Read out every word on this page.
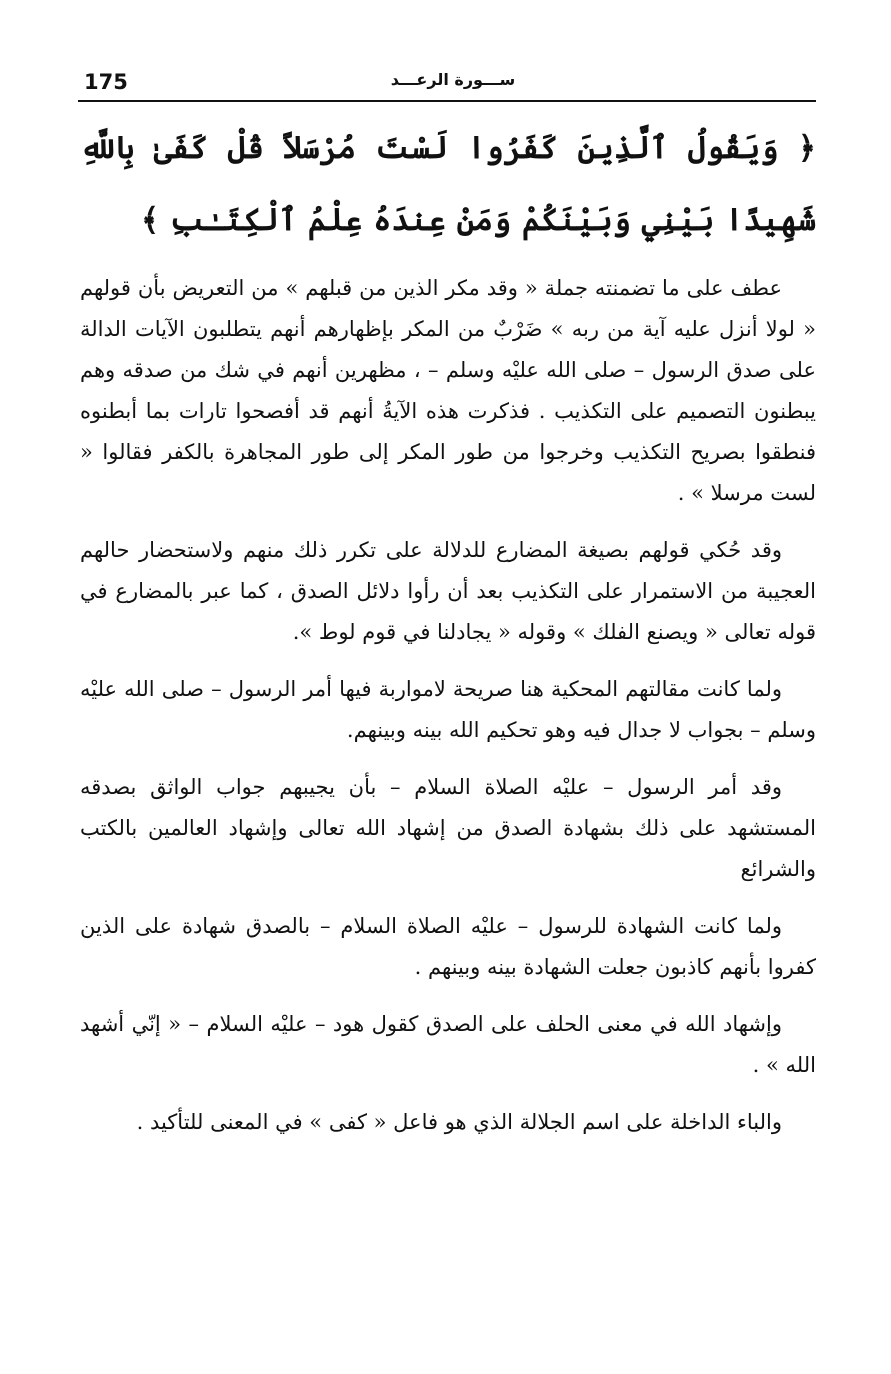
175	ســـورة الرعـــد
﴿ وَيَقُولُ ٱلَّذِينَ كَفَرُوا لَسْتَ مُرْسَلاً قُلْ كَفَىٰ بِاللَّهِ شَهِيدًا بَيْنِي وَبَيْنَكُمْ وَمَنْ عِندَهُ عِلْمُ ٱلْكِتَـٰبِ ﴾

عطف على ما تضمنته جملة « وقد مكر الذين من قبلهم » من التعريض بأن قولهم « لولا أنزل عليه آية من ربه » ضَرْبٌ من المكر بإظهارهم أنهم يتطلبون الآيات الدالة على صدق الرسول – صلى الله عليْه وسلم – ، مظهرين أنهم في شك من صدقه وهم يبطنون التصميم على التكذيب . فذكرت هذه الآيةُ أنهم قد أفصحوا تارات بما أبطنوه فنطقوا بصريح التكذيب وخرجوا من طور المكر إلى طور المجاهرة بالكفر فقالوا « لست مرسلا » .

وقد حُكي قولهم بصيغة المضارع للدلالة على تكرر ذلك منهم ولاستحضار حالهم العجيبة من الاستمرار على التكذيب بعد أن رأوا دلائل الصدق ، كما عبر بالمضارع في قوله تعالى « ويصنع الفلك » وقوله « يجادلنا في قوم لوط ».

ولما كانت مقالتهم المحكية هنا صريحة لامواربة فيها أمر الرسول – صلى الله عليْه وسلم – بجواب لا جدال فيه وهو تحكيم الله بينه وبينهم.

وقد أمر الرسول – عليْه الصلاة السلام – بأن يجيبهم جواب الواثق بصدقه المستشهد على ذلك بشهادة الصدق من إشهاد الله تعالى وإشهاد العالمين بالكتب والشرائع

ولما كانت الشهادة للرسول – عليْه الصلاة السلام – بالصدق شهادة على الذين كفروا بأنهم كاذبون جعلت الشهادة بينه وبينهم .

وإشهاد الله في معنى الحلف على الصدق كقول هود – عليْه السلام – « إنّي أشهد الله » .

والباء الداخلة على اسم الجلالة الذي هو فاعل « كفى » في المعنى للتأكيد .
